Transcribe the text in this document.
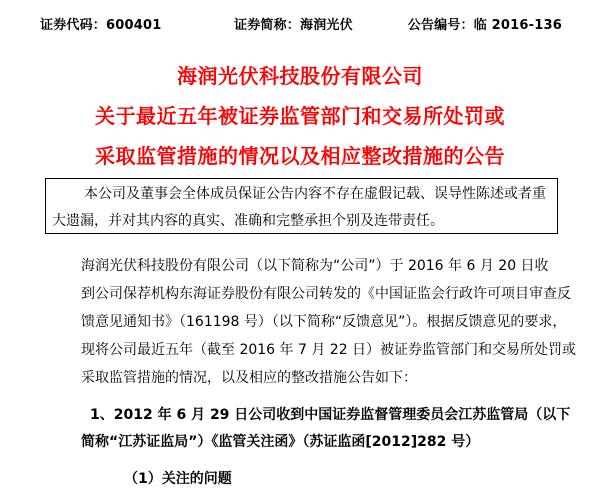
证券代码：600401	证券简称：海润光伏	公告编号：临 2016-136
海润光伏科技股份有限公司
关于最近五年被证券监管部门和交易所处罚或
采取监管措施的情况以及相应整改措施的公告
本公司及董事会全体成员保证公告内容不存在虚假记载、误导性陈述或者重
大遗漏，并对其内容的真实、准确和完整承担个别及连带责任。
海润光伏科技股份有限公司（以下简称为“公司”）于 2016 年 6 月 20 日收
到公司保荐机构东海证券股份有限公司转发的《中国证监会行政许可项目审查反
馈意见通知书》（161198 号）（以下简称“反馈意见”）。根据反馈意见的要求，
现将公司最近五年（截至 2016 年 7 月 22 日）被证券监管部门和交易所处罚或
采取监管措施的情况，以及相应的整改措施公告如下：
1、2012 年 6 月 29 日公司收到中国证券监督管理委员会江苏监管局（以下
简称“江苏证监局”）《监管关注函》（苏证监函[2012]282 号）
（1）关注的问题
